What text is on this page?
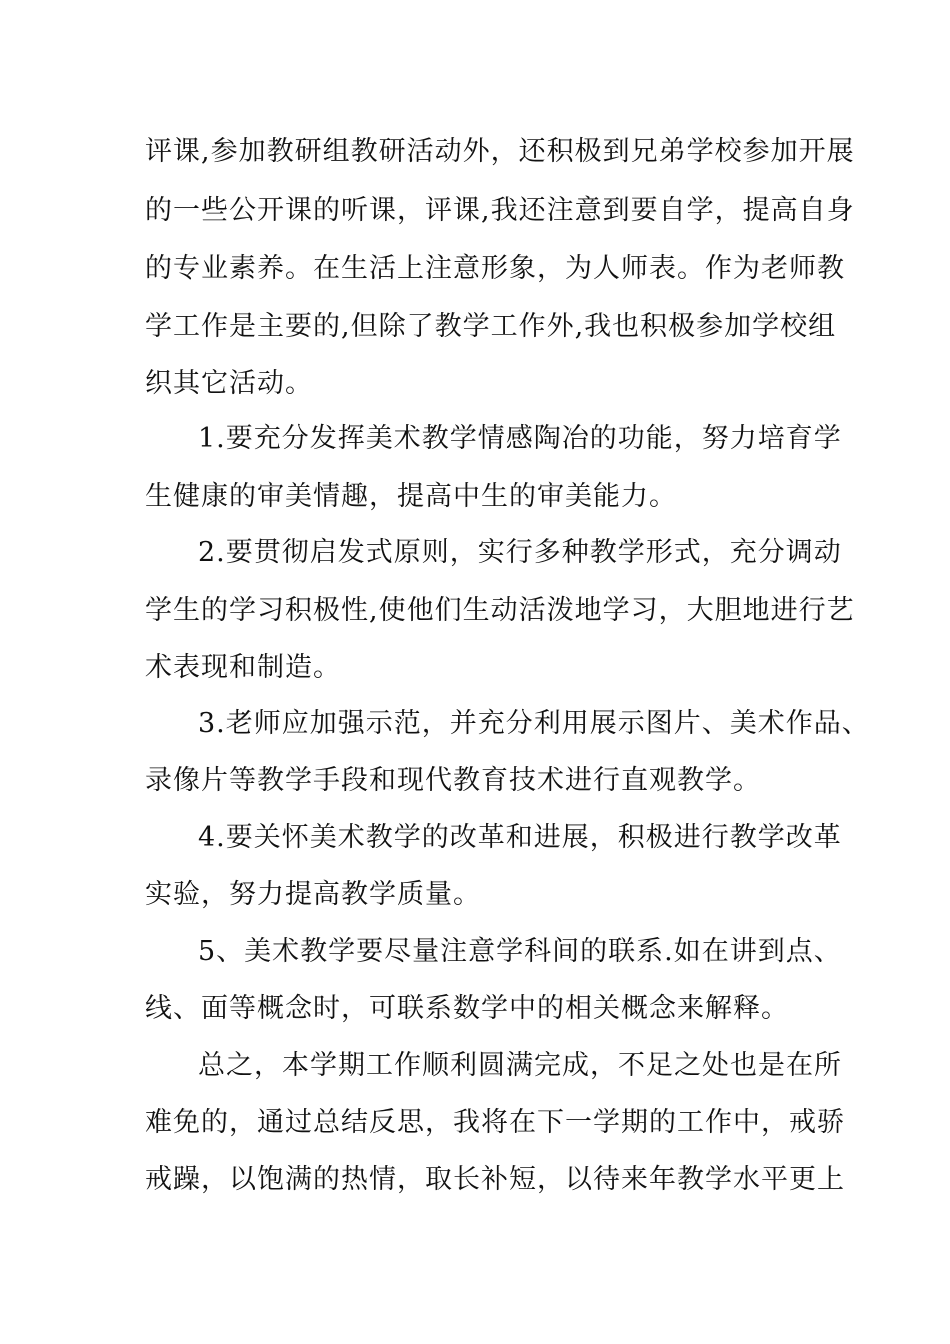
评课,参加教研组教研活动外，还积极到兄弟学校参加开展
的一些公开课的听课，评课,我还注意到要自学，提高自身
的专业素养。在生活上注意形象，为人师表。作为老师教
学工作是主要的,但除了教学工作外,我也积极参加学校组
织其它活动。
1.要充分发挥美术教学情感陶冶的功能，努力培育学
生健康的审美情趣，提高中生的审美能力。
2.要贯彻启发式原则，实行多种教学形式，充分调动
学生的学习积极性,使他们生动活泼地学习，大胆地进行艺
术表现和制造。
3.老师应加强示范，并充分利用展示图片、美术作品、
录像片等教学手段和现代教育技术进行直观教学。
4.要关怀美术教学的改革和进展，积极进行教学改革
实验，努力提高教学质量。
5、美术教学要尽量注意学科间的联系.如在讲到点、
线、面等概念时，可联系数学中的相关概念来解释。
总之，本学期工作顺利圆满完成，不足之处也是在所
难免的，通过总结反思，我将在下一学期的工作中，戒骄
戒躁，以饱满的热情，取长补短，以待来年教学水平更上
